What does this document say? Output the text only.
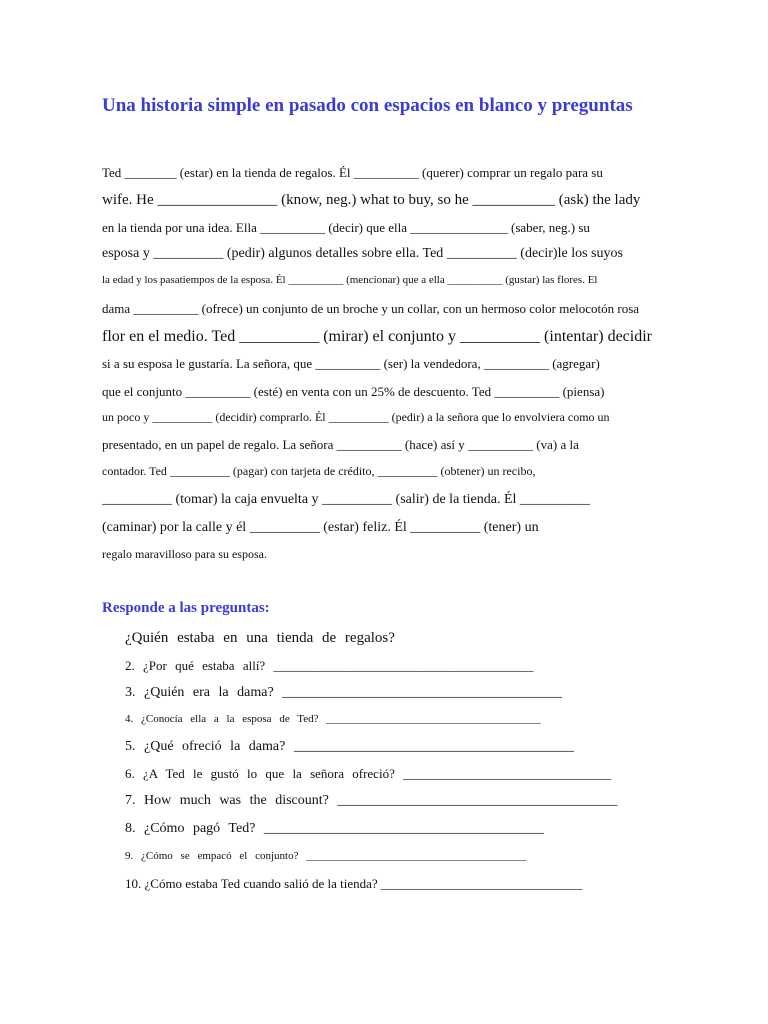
Una historia simple en pasado con espacios en blanco y preguntas
Ted ________ (estar) en la tienda de regalos. Él __________ (querer) comprar un regalo para su
wife. He ________________ (know, neg.) what to buy, so he ___________ (ask) the lady
en la tienda por una idea. Ella __________ (decir) que ella _______________ (saber, neg.) su
esposa y __________ (pedir) algunos detalles sobre ella. Ted __________ (decir)le los suyos
la edad y los pasatiempos de la esposa. Él __________ (mencionar) que a ella __________ (gustar) las flores. El
dama __________ (ofrece) un conjunto de un broche y un collar, con un hermoso color melocotón rosa
flor en el medio. Ted __________ (mirar) el conjunto y __________ (intentar) decidir
si a su esposa le gustaría. La señora, que __________ (ser) la vendedora, __________ (agregar)
que el conjunto __________ (esté) en venta con un 25% de descuento. Ted __________ (piensa)
un poco y __________ (decidir) comprarlo. Él __________ (pedir) a la señora que lo envolviera como un
presentado, en un papel de regalo. La señora __________ (hace) así y __________ (va) a la
contador. Ted __________ (pagar) con tarjeta de crédito, __________ (obtener) un recibo,
__________ (tomar) la caja envuelta y __________ (salir) de la tienda. Él __________
(caminar) por la calle y él __________ (estar) feliz. Él __________ (tener) un
regalo maravilloso para su esposa.
Responde a las preguntas:
¿Quién estaba en una tienda de regalos?
2. ¿Por qué estaba allí? ________________________________________
3. ¿Quién era la dama? ________________________________________
4. ¿Conocía ella a la esposa de Ted? _______________________________________
5. ¿Qué ofreció la dama? ________________________________________
6. ¿A Ted le gustó lo que la señora ofreció? ________________________________
7. How much was the discount? ________________________________________
8. ¿Cómo pagó Ted? ________________________________________
9. ¿Cómo se empacó el conjunto? ________________________________________
10. ¿Cómo estaba Ted cuando salió de la tienda? _______________________________
